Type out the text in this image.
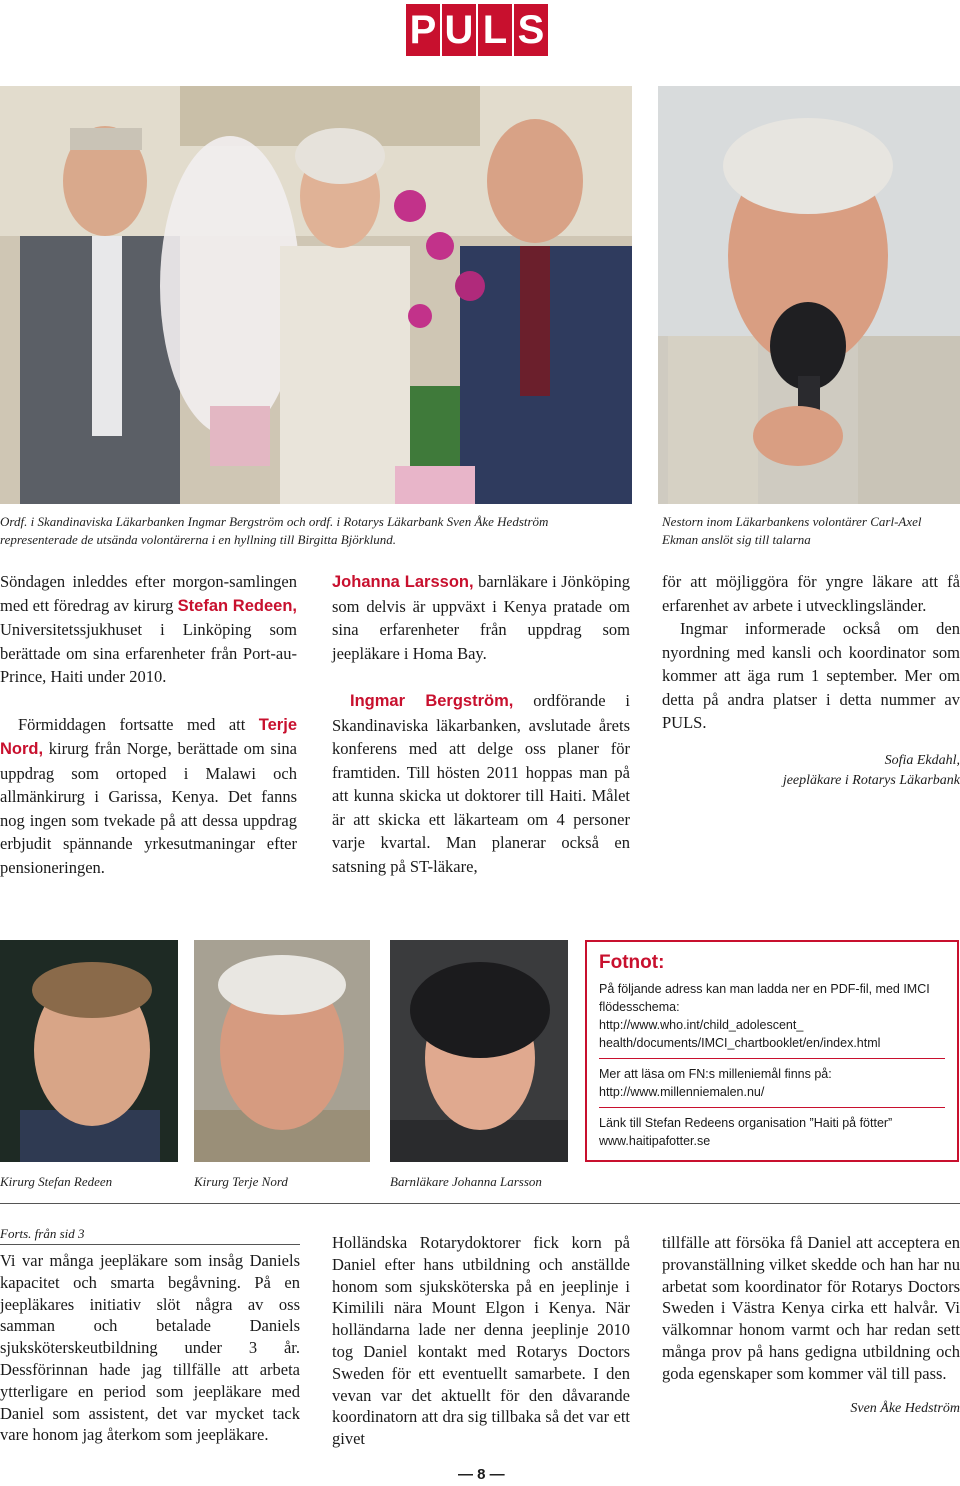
P U L S
Ordf. i Skandinaviska Läkarbanken Ingmar Bergström och ordf. i Rotarys Läkarbank Sven Åke Hedström representerade de utsända volontärerna i en hyllning till Birgitta Björklund.
Nestorn inom Läkarbankens volontärer Carl-Axel Ekman anslöt sig till talarna

Söndagen inleddes efter morgon-samlingen med ett föredrag av kirurg Stefan Redeen, Universitetssjukhuset i Linköping som berättade om sina erfarenheter från Port-au-Prince, Haiti under 2010.

Förmiddagen fortsatte med att Terje Nord, kirurg från Norge, berättade om sina uppdrag som ortoped i Malawi och allmänkirurg i Garissa, Kenya. Det fanns nog ingen som tvekade på att dessa uppdrag erbjudit spännande yrkesutmaningar efter pensioneringen.

Johanna Larsson, barnläkare i Jönköping som delvis är uppväxt i Kenya pratade om sina erfarenheter från uppdrag som jeepläkare i Homa Bay.

Ingmar Bergström, ordförande i Skandinaviska läkarbanken, avslutade årets konferens med att delge oss planer för framtiden. Till hösten 2011 hoppas man på att kunna skicka ut doktorer till Haiti. Målet är att skicka ett läkarteam om 4 personer varje kvartal. Man planerar också en satsning på ST-läkare,

för att möjliggöra för yngre läkare att få erfarenhet av arbete i utvecklingsländer.

Ingmar informerade också om den nyordning med kansli och koordinator som kommer att äga rum 1 september. Mer om detta på andra platser i detta nummer av PULS.

Sofia Ekdahl,
jeepläkare i Rotarys Läkarbank
Fotnot:
På följande adress kan man ladda ner en PDF-fil, med IMCI flödesschema:
http://www.who.int/child_adolescent_ health/documents/IMCI_chartbooklet/en/index.html
Mer att läsa om FN:s milleniemål finns på:
http://www.millenniemalen.nu/
Länk till Stefan Redeens organisation ”Haiti på fötter”
www.haitipafotter.se
Kirurg Stefan Redeen	Kirurg Terje Nord	Barnläkare Johanna Larsson
Forts. från sid 3
Vi var många jeepläkare som insåg Daniels kapacitet och smarta begåvning. På en jeepläkares initiativ slöt några av oss samman och betalade Daniels sjuksköterskeutbildning under 3 år. Dessförinnan hade jag tillfälle att arbeta ytterligare en period som jeepläkare med Daniel som assistent, det var mycket tack vare honom jag återkom som jeepläkare.
Holländska Rotarydoktorer fick korn på Daniel efter hans utbildning och anställde honom som sjuksköterska på en jeeplinje i Kimilili nära Mount Elgon i Kenya. När holländarna lade ner denna jeeplinje 2010 tog Daniel kontakt med Rotarys Doctors Sweden för ett eventuellt samarbete. I den vevan var det aktuellt för den dåvarande koordinatorn att dra sig tillbaka så det var ett givet
tillfälle att försöka få Daniel att acceptera en provanställning vilket skedde och han har nu arbetat som koordinator för Rotarys Doctors Sweden i Västra Kenya cirka ett halvår. Vi välkomnar honom varmt och har redan sett många prov på hans gedigna utbildning och goda egenskaper som kommer väl till pass.
Sven Åke Hedström
— 8 —
